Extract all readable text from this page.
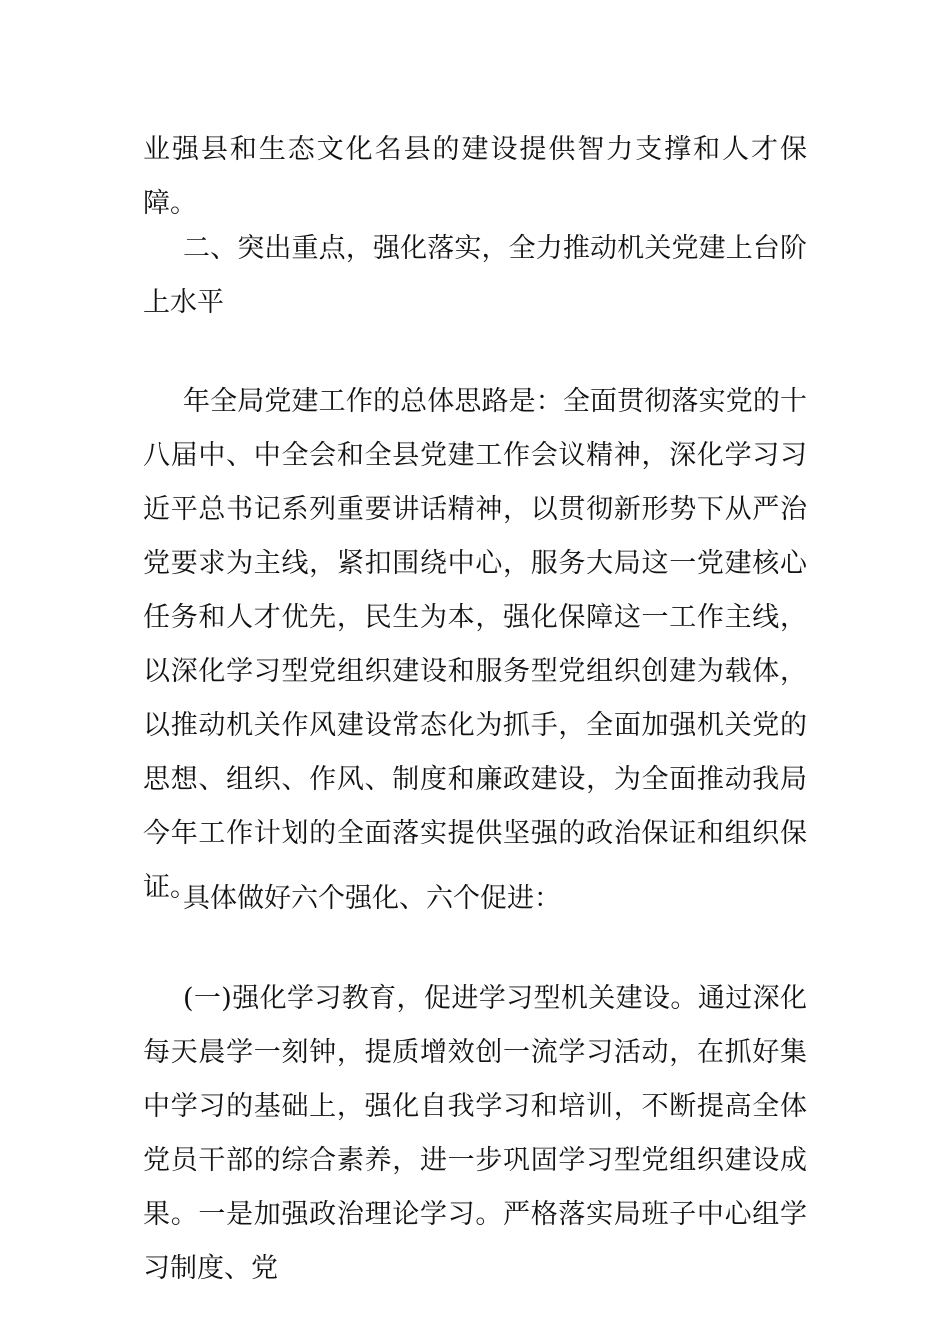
业强县和生态文化名县的建设提供智力支撑和人才保障。

二、突出重点，强化落实，全力推动机关党建上台阶上水平

年全局党建工作的总体思路是：全面贯彻落实党的十八届中、中全会和全县党建工作会议精神，深化学习习近平总书记系列重要讲话精神，以贯彻新形势下从严治党要求为主线，紧扣围绕中心，服务大局这一党建核心任务和人才优先，民生为本，强化保障这一工作主线，以深化学习型党组织建设和服务型党组织创建为载体，以推动机关作风建设常态化为抓手，全面加强机关党的思想、组织、作风、制度和廉政建设，为全面推动我局今年工作计划的全面落实提供坚强的政治保证和组织保证。

具体做好六个强化、六个促进：

(一)强化学习教育，促进学习型机关建设。通过深化每天晨学一刻钟，提质增效创一流学习活动，在抓好集中学习的基础上，强化自我学习和培训，不断提高全体党员干部的综合素养，进一步巩固学习型党组织建设成果。一是加强政治理论学习。严格落实局班子中心组学习制度、党
